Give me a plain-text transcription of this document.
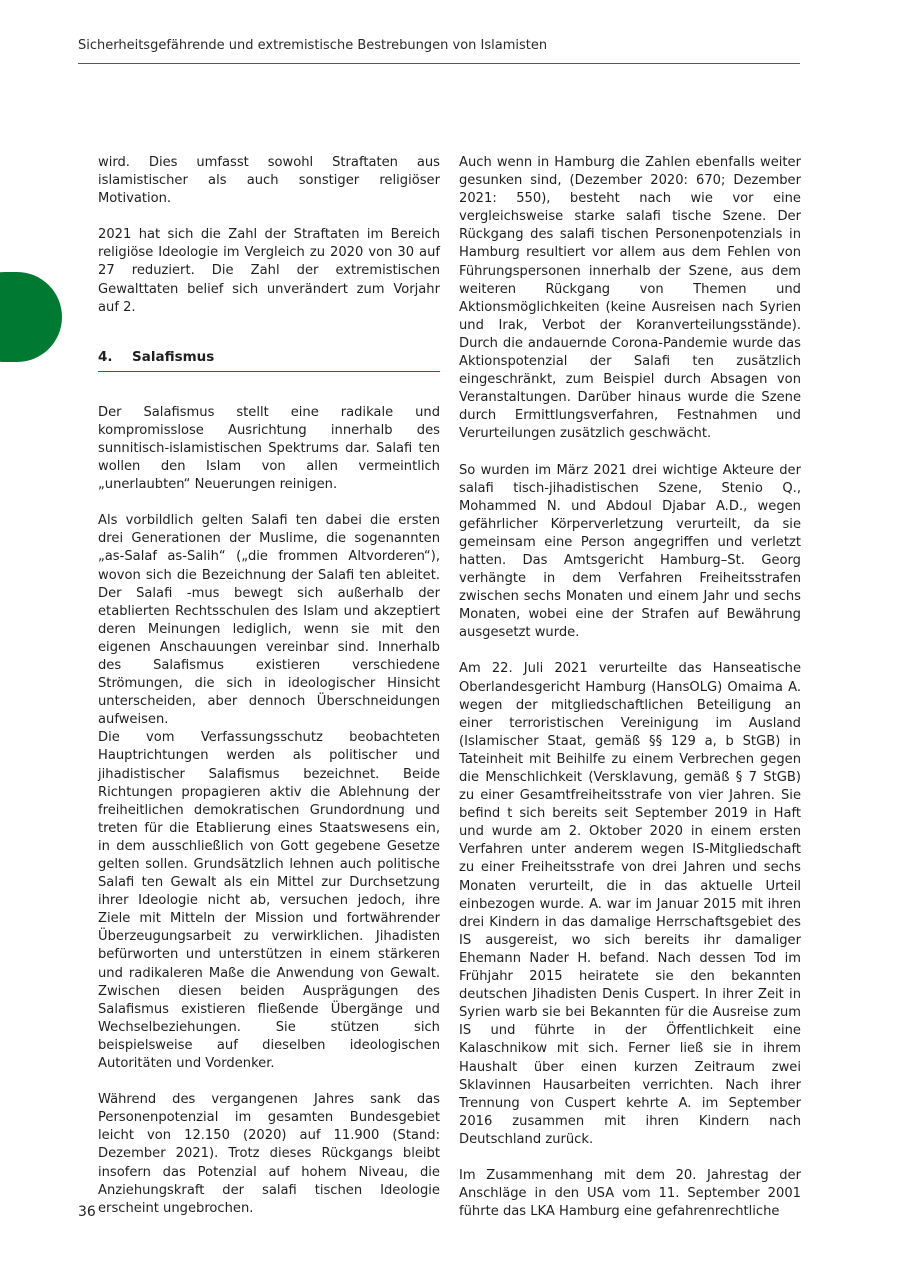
Sicherheitsgefährende und extremistische Bestrebungen von Islamisten

wird. Dies umfasst sowohl Straftaten aus islamistischer als auch sonstiger religiöser Motivation.

2021 hat sich die Zahl der Straftaten im Bereich religiöse Ideologie im Vergleich zu 2020 von 30 auf 27 reduziert. Die Zahl der extremistischen Gewalttaten belief sich unverändert zum Vorjahr auf 2.

4. Salafismus

Der Salafismus stellt eine radikale und kompromisslose Ausrichtung innerhalb des sunnitisch-islamistischen Spektrums dar. Salafi ten wollen den Islam von allen vermeintlich „unerlaubten“ Neuerungen reinigen.

Als vorbildlich gelten Salafi ten dabei die ersten drei Generationen der Muslime, die sogenannten „as-Salaf as-Salih“ („die frommen Altvorderen“), wovon sich die Bezeichnung der Salafi ten ableitet. Der Salafi -mus bewegt sich außerhalb der etablierten Rechtsschulen des Islam und akzeptiert deren Meinungen lediglich, wenn sie mit den eigenen Anschauungen vereinbar sind. Innerhalb des Salafismus existieren verschiedene Strömungen, die sich in ideologischer Hinsicht unterscheiden, aber dennoch Überschneidungen aufweisen.

Die vom Verfassungsschutz beobachteten Hauptrichtungen werden als politischer und jihadistischer Salafismus bezeichnet. Beide Richtungen propagieren aktiv die Ablehnung der freiheitlichen demokratischen Grundordnung und treten für die Etablierung eines Staatswesens ein, in dem ausschließlich von Gott gegebene Gesetze gelten sollen. Grundsätzlich lehnen auch politische Salafi ten Gewalt als ein Mittel zur Durchsetzung ihrer Ideologie nicht ab, versuchen jedoch, ihre Ziele mit Mitteln der Mission und fortwährender Überzeugungsarbeit zu verwirklichen. Jihadisten befürworten und unterstützen in einem stärkeren und radikaleren Maße die Anwendung von Gewalt. Zwischen diesen beiden Ausprägungen des Salafismus existieren fließende Übergänge und Wechselbeziehungen. Sie stützen sich beispielsweise auf dieselben ideologischen Autoritäten und Vordenker.

Während des vergangenen Jahres sank das Personenpotenzial im gesamten Bundesgebiet leicht von 12.150 (2020) auf 11.900 (Stand: Dezember 2021). Trotz dieses Rückgangs bleibt insofern das Potenzial auf hohem Niveau, die Anziehungskraft der salafi tischen Ideologie erscheint ungebrochen.

Auch wenn in Hamburg die Zahlen ebenfalls weiter gesunken sind, (Dezember 2020: 670; Dezember 2021: 550), besteht nach wie vor eine vergleichsweise starke salafi tische Szene. Der Rückgang des salafi tischen Personenpotenzials in Hamburg resultiert vor allem aus dem Fehlen von Führungspersonen innerhalb der Szene, aus dem weiteren Rückgang von Themen und Aktionsmöglichkeiten (keine Ausreisen nach Syrien und Irak, Verbot der Koranverteilungsstände). Durch die andauernde Corona-Pandemie wurde das Aktionspotenzial der Salafi ten zusätzlich eingeschränkt, zum Beispiel durch Absagen von Veranstaltungen. Darüber hinaus wurde die Szene durch Ermittlungsverfahren, Festnahmen und Verurteilungen zusätzlich geschwächt.

So wurden im März 2021 drei wichtige Akteure der salafi tisch-jihadistischen Szene, Stenio Q., Mohammed N. und Abdoul Djabar A.D., wegen gefährlicher Körperverletzung verurteilt, da sie gemeinsam eine Person angegriffen und verletzt hatten. Das Amtsgericht Hamburg–St. Georg verhängte in dem Verfahren Freiheitsstrafen zwischen sechs Monaten und einem Jahr und sechs Monaten, wobei eine der Strafen auf Bewährung ausgesetzt wurde.

Am 22. Juli 2021 verurteilte das Hanseatische Oberlandesgericht Hamburg (HansOLG) Omaima A. wegen der mitgliedschaftlichen Beteiligung an einer terroristischen Vereinigung im Ausland (Islamischer Staat, gemäß §§ 129 a, b StGB) in Tateinheit mit Beihilfe zu einem Verbrechen gegen die Menschlichkeit (Versklavung, gemäß § 7 StGB) zu einer Gesamtfreiheitsstrafe von vier Jahren. Sie befind t sich bereits seit September 2019 in Haft und wurde am 2. Oktober 2020 in einem ersten Verfahren unter anderem wegen IS-Mitgliedschaft zu einer Freiheitsstrafe von drei Jahren und sechs Monaten verurteilt, die in das aktuelle Urteil einbezogen wurde. A. war im Januar 2015 mit ihren drei Kindern in das damalige Herrschaftsgebiet des IS ausgereist, wo sich bereits ihr damaliger Ehemann Nader H. befand. Nach dessen Tod im Frühjahr 2015 heiratete sie den bekannten deutschen Jihadisten Denis Cuspert. In ihrer Zeit in Syrien warb sie bei Bekannten für die Ausreise zum IS und führte in der Öffentlichkeit eine Kalaschnikow mit sich. Ferner ließ sie in ihrem Haushalt über einen kurzen Zeitraum zwei Sklavinnen Hausarbeiten verrichten. Nach ihrer Trennung von Cuspert kehrte A. im September 2016 zusammen mit ihren Kindern nach Deutschland zurück.

Im Zusammenhang mit dem 20. Jahrestag der Anschläge in den USA vom 11. September 2001 führte das LKA Hamburg eine gefahrenrechtliche

36
